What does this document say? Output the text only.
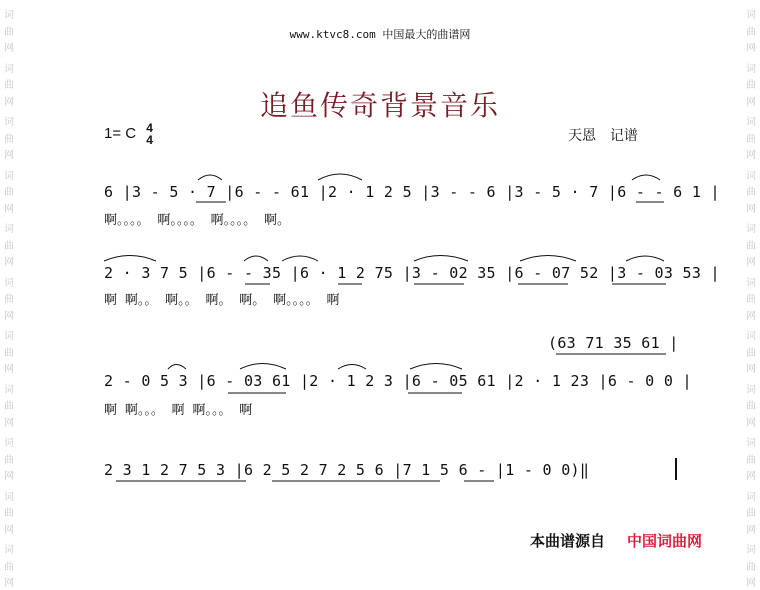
词
曲
网
词
曲
网
词
曲
网
词
曲
网
词
曲
网
词
曲
网
词
曲
网
词
曲
网
词
曲
网
词
曲
网
词
曲
网
词
曲
网
词
曲
网
词
曲
网
词
曲
网
词
曲
网
词
曲
网
词
曲
网
词
曲
网
词
曲
网
词
曲
网
词
曲
网
www.ktvc8.com 中国最大的曲谱网
追鱼传奇背景音乐
1= C 4
4	天恩 记谱
6 |3 - 5 · 7 |6 - - 61 |2 · 1 2 5 |3 - - 6 |3 - 5 · 7 |6 - - 6 1 |
啊。。。。 啊。。。。 啊。。。。 啊。
2 · 3 7 5 |6 - - 35 |6 · 1 2 75 |3 - 02 35 |6 - 07 52 |3 - 03 53 |
啊 啊。。 啊。。 啊。 啊。 啊。。。。 啊
(63 71 35 61 |
2 - 0 5 3 |6 - 03 61 |2 · 1 2 3 |6 - 05 61 |2 · 1 23 |6 - 0 0 |
啊 啊。。。 啊 啊。。。 啊
2 3 1 2 7 5 3 |6 2 5 2 7 2 5 6 |7 1 5 6 - |1 - 0 0)‖
本曲谱源自 中国词曲网
